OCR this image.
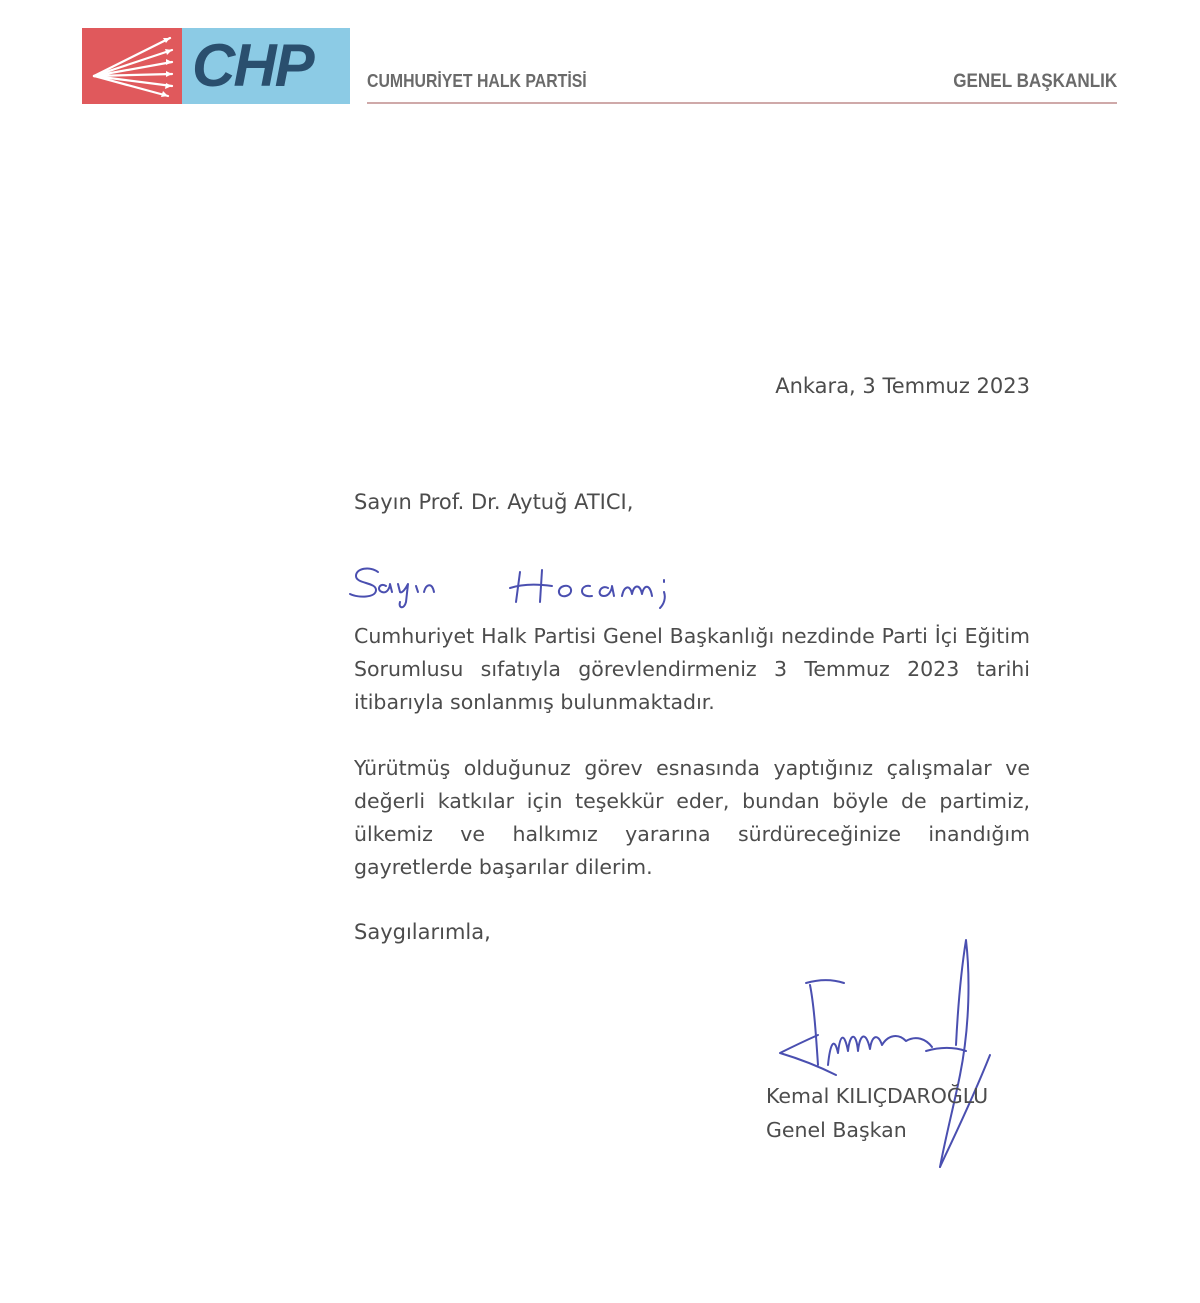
CHP	CUMHURİYET HALK PARTİSİ	GENEL BAŞKANLIK
Ankara, 3 Temmuz 2023
Sayın Prof. Dr. Aytuğ ATICI,
Cumhuriyet Halk Partisi Genel Başkanlığı nezdinde Parti İçi Eğitim Sorumlusu sıfatıyla görevlendirmeniz 3 Temmuz 2023 tarihi itibarıyla sonlanmış bulunmaktadır.
Yürütmüş olduğunuz görev esnasında yaptığınız çalışmalar ve değerli katkılar için teşekkür eder, bundan böyle de partimiz, ülkemiz ve halkımız yararına sürdüreceğinize inandığım gayretlerde başarılar dilerim.
Saygılarımla,
Kemal KILIÇDAROĞLU
Genel Başkan
